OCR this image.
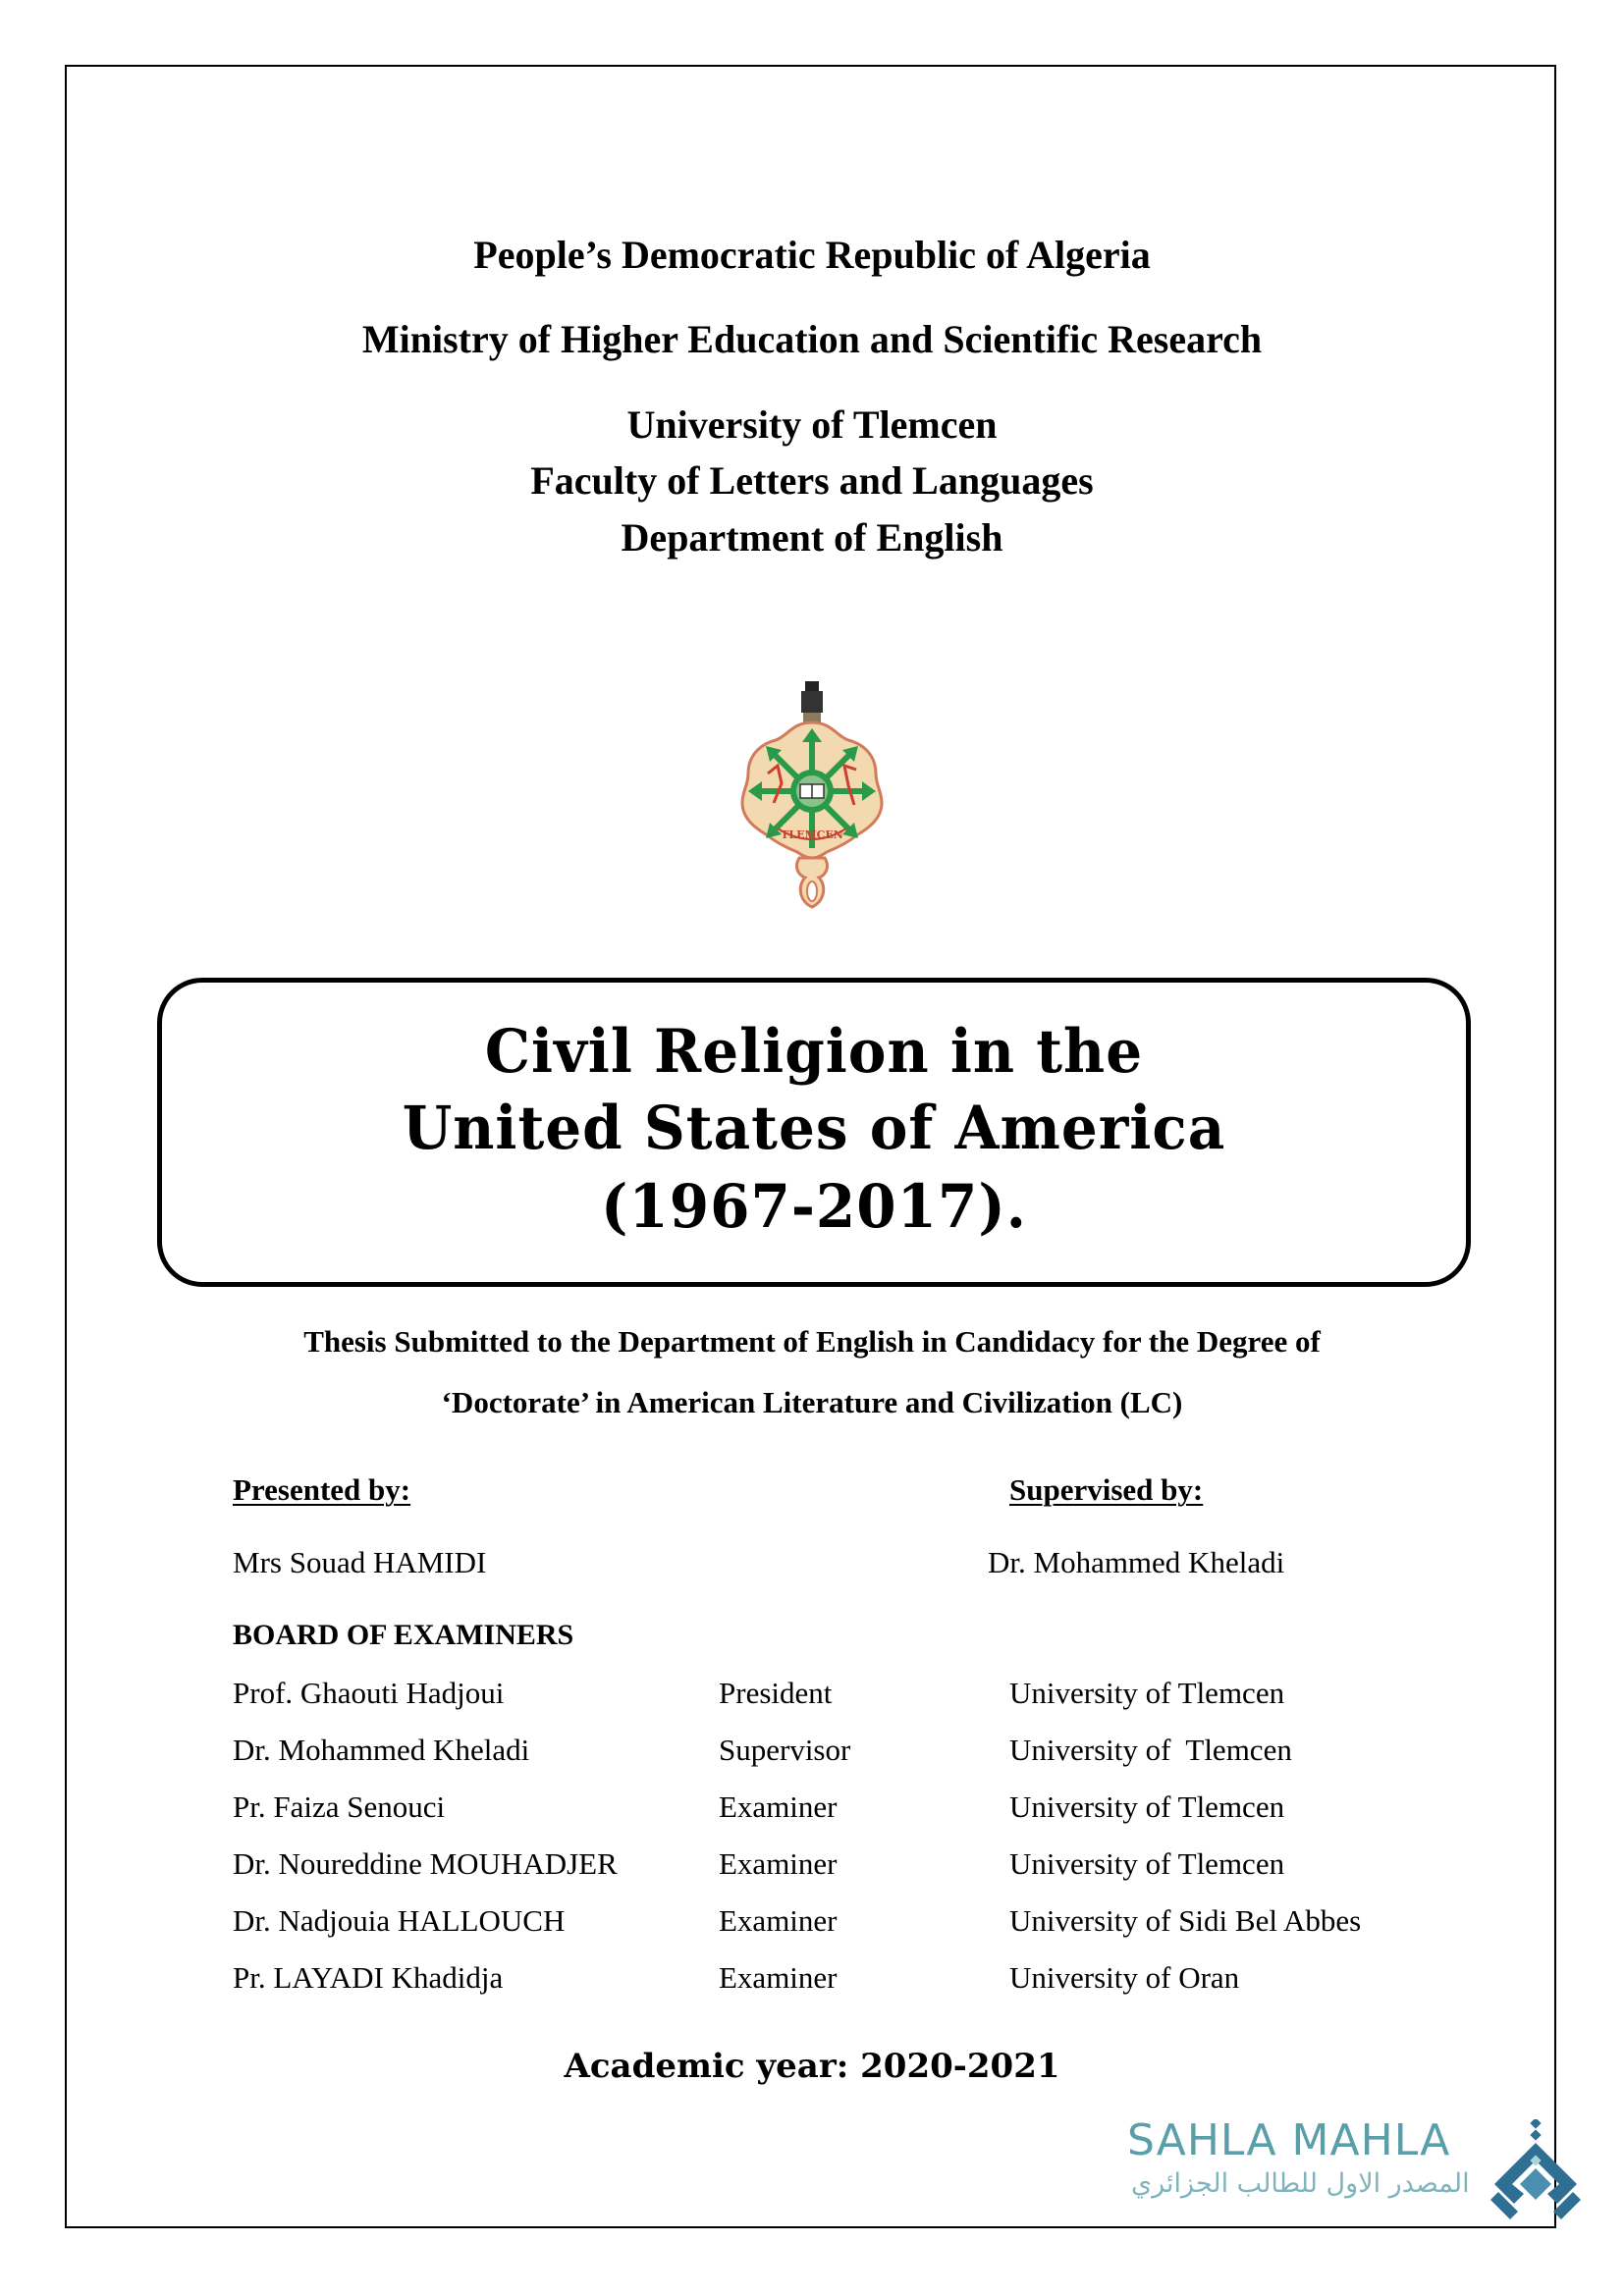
People’s Democratic Republic of Algeria
Ministry of Higher Education and Scientific Research
University of Tlemcen
Faculty of Letters and Languages
Department of English
TLEMCEN
Civil Religion in the
United States of America
(1967-2017).
Thesis Submitted to the Department of English in Candidacy for the Degree of
‘Doctorate’ in American Literature and Civilization (LC)
Presented by:	Supervised by:
Mrs Souad HAMIDI	Dr. Mohammed Kheladi
BOARD OF EXAMINERS
Prof. Ghaouti Hadjoui	President	University of Tlemcen
Dr. Mohammed Kheladi	Supervisor	University of  Tlemcen
Pr. Faiza Senouci	Examiner	University of Tlemcen
Dr. Noureddine MOUHADJER	Examiner	University of Tlemcen
Dr. Nadjouia HALLOUCH	Examiner	University of Sidi Bel Abbes
Pr. LAYADI Khadidja	Examiner	University of Oran
Academic year: 2020-2021
SAHLA MAHLA
المصدر الاول للطالب الجزائري
